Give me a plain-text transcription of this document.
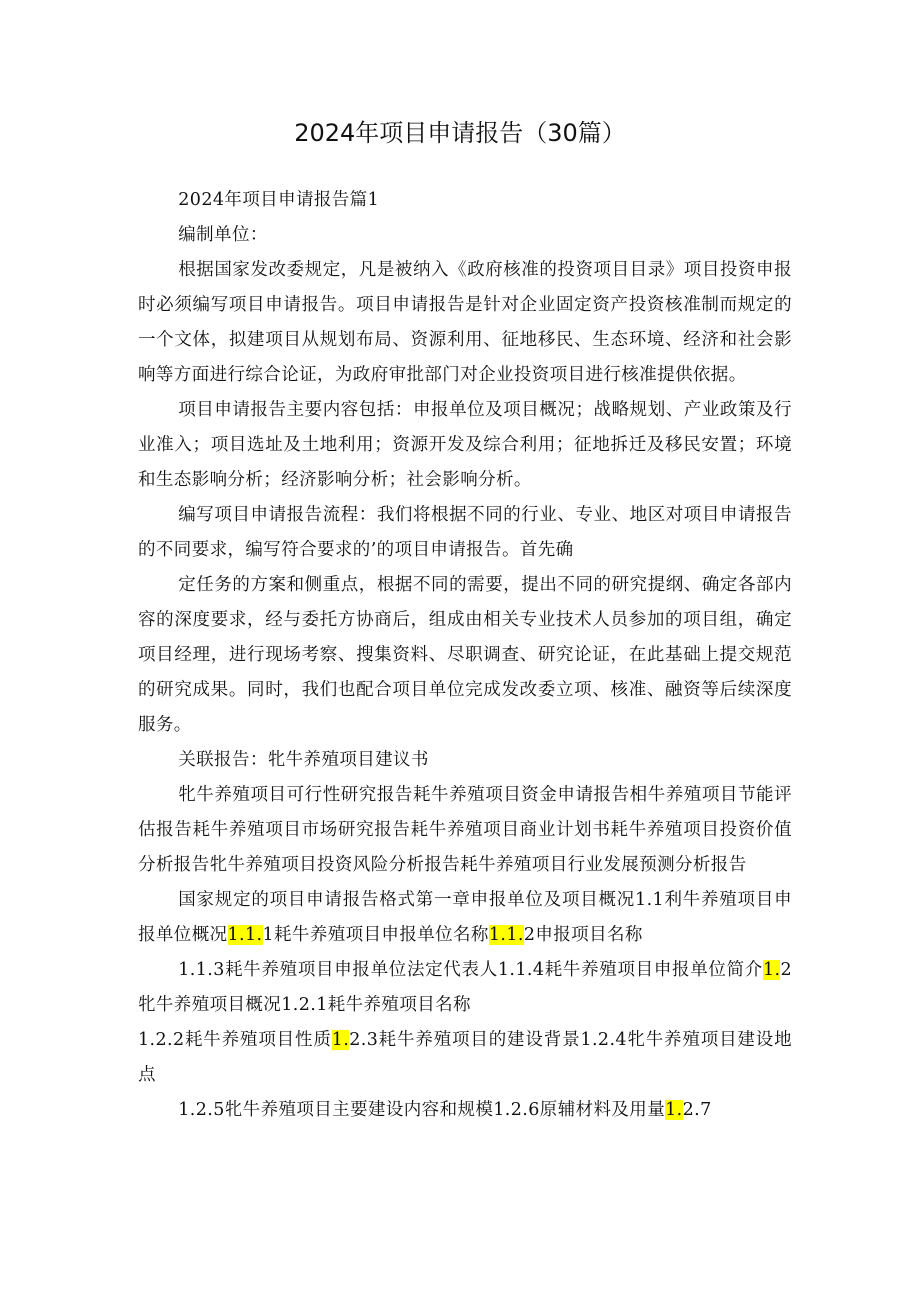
2024年项目申请报告（30篇）

2024年项目申请报告篇1

编制单位：

根据国家发改委规定，凡是被纳入《政府核准的投资项目目录》项目投资申报时必须编写项目申请报告。项目申请报告是针对企业固定资产投资核准制而规定的一个文体，拟建项目从规划布局、资源利用、征地移民、生态环境、经济和社会影响等方面进行综合论证，为政府审批部门对企业投资项目进行核准提供依据。

项目申请报告主要内容包括：申报单位及项目概况；战略规划、产业政策及行业准入；项目选址及土地利用；资源开发及综合利用；征地拆迁及移民安置；环境和生态影响分析；经济影响分析；社会影响分析。

编写项目申请报告流程：我们将根据不同的行业、专业、地区对项目申请报告的不同要求，编写符合要求的’的项目申请报告。首先确

定任务的方案和侧重点，根据不同的需要，提出不同的研究提纲、确定各部内容的深度要求，经与委托方协商后，组成由相关专业技术人员参加的项目组，确定项目经理，进行现场考察、搜集资料、尽职调查、研究论证，在此基础上提交规范的研究成果。同时，我们也配合项目单位完成发改委立项、核准、融资等后续深度服务。

关联报告：牝牛养殖项目建议书

牝牛养殖项目可行性研究报告耗牛养殖项目资金申请报告相牛养殖项目节能评估报告耗牛养殖项目市场研究报告耗牛养殖项目商业计划书耗牛养殖项目投资价值分析报告牝牛养殖项目投资风险分析报告耗牛养殖项目行业发展预测分析报告

国家规定的项目申请报告格式第一章申报单位及项目概况1.1利牛养殖项目申报单位概况1.1.1耗牛养殖项目申报单位名称1.1.2申报项目名称

1.1.3耗牛养殖项目申报单位法定代表人1.1.4耗牛养殖项目申报单位简介1.2牝牛养殖项目概况1.2.1耗牛养殖项目名称

1.2.2耗牛养殖项目性质1.2.3耗牛养殖项目的建设背景1.2.4牝牛养殖项目建设地点

1.2.5牝牛养殖项目主要建设内容和规模1.2.6原辅材料及用量1.2.7
